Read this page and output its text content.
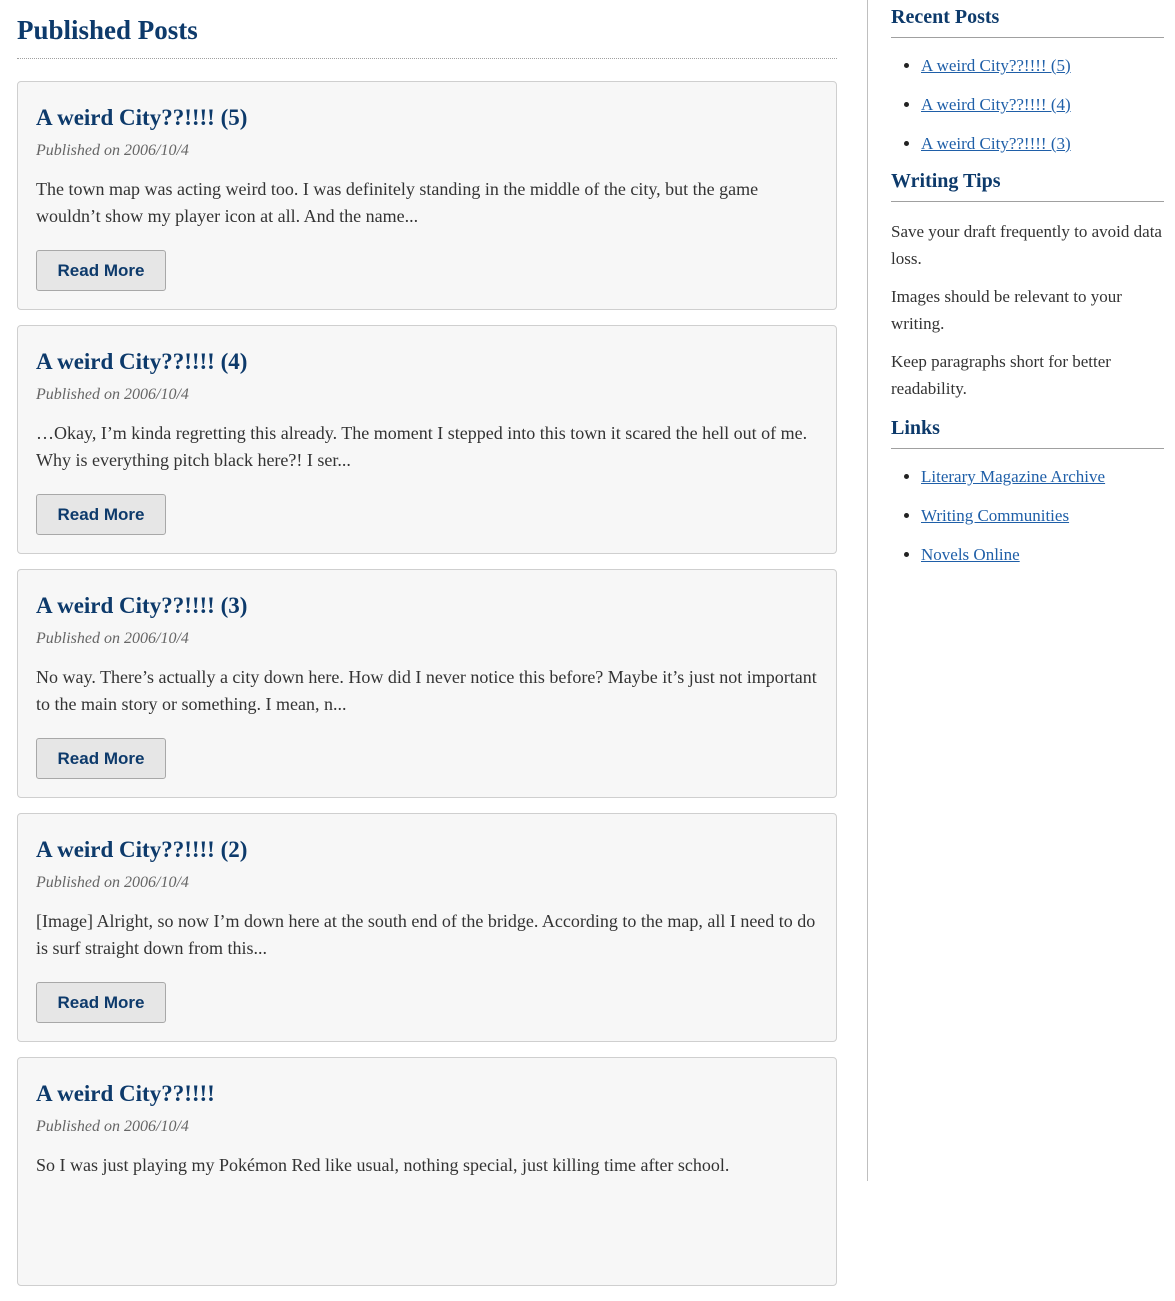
Published Posts
A weird City??!!!! (5)
Published on 2006/10/4
The town map was acting weird too. I was definitely standing in the middle of the city, but the game wouldn’t show my player icon at all. And the name...
Read More
A weird City??!!!! (4)
Published on 2006/10/4
…Okay, I’m kinda regretting this already. The moment I stepped into this town it scared the hell out of me. Why is everything pitch black here?! I ser...
Read More
A weird City??!!!! (3)
Published on 2006/10/4
No way. There’s actually a city down here. How did I never notice this before? Maybe it’s just not important to the main story or something. I mean, n...
Read More
A weird City??!!!! (2)
Published on 2006/10/4
[Image] Alright, so now I’m down here at the south end of the bridge. According to the map, all I need to do is surf straight down from this...
Read More
A weird City??!!!!
Published on 2006/10/4
So I was just playing my Pokémon Red like usual, nothing special, just killing time after school.
Recent Posts
• A weird City??!!!! (5)
• A weird City??!!!! (4)
• A weird City??!!!! (3)
Writing Tips

Save your draft frequently to avoid data loss.

Images should be relevant to your writing.

Keep paragraphs short for better readability.

Links
• Literary Magazine Archive
• Writing Communities
• Novels Online
